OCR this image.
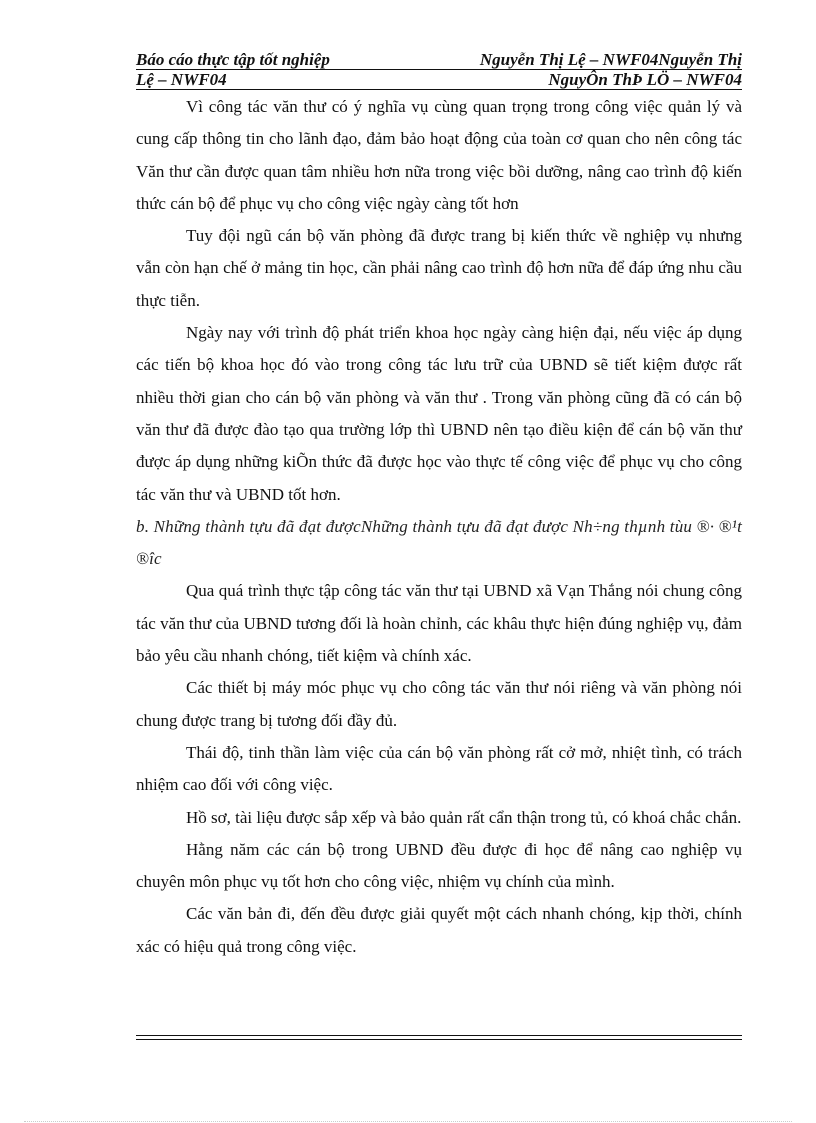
Báo cáo thực tập tốt nghiệp	Nguyễn Thị Lệ – NWF04Nguyễn Thị
Lệ – NWF04	NguyÔn ThÞ LÖ – NWF04

Vì công tác văn thư có ý nghĩa vụ cùng quan trọng trong công việc quản lý và cung cấp thông tin cho lãnh đạo, đảm bảo hoạt động của toàn cơ quan cho nên công tác Văn thư cần được quan tâm nhiều hơn nữa trong việc bồi dưỡng, nâng cao trình độ kiến thức cán bộ để phục vụ cho công việc ngày càng tốt hơn

Tuy đội ngũ cán bộ văn phòng đã được trang bị kiến thức về nghiệp vụ nhưng vẫn còn hạn chế ở mảng tin học, cần phải nâng cao trình độ hơn nữa để đáp ứng nhu cầu thực tiễn.

Ngày nay với trình độ phát triển khoa học ngày càng hiện đại, nếu việc áp dụng các tiến bộ khoa học đó vào trong công tác lưu trữ của UBND sẽ tiết kiệm được rất nhiều thời gian cho cán bộ văn phòng và văn thư . Trong văn phòng cũng đã có cán bộ văn thư đã được đào tạo qua trường lớp thì UBND nên tạo điều kiện để cán bộ văn thư được áp dụng những kiÕn thức đã được học vào thực tế công việc để phục vụ cho công tác văn thư và UBND tốt hơn.

b. Những thành tựu đã đạt đượcNhững thành tựu đã đạt được Nh÷ng thµnh tùu ®· ®¹t ®îc

Qua quá trình thực tập công tác văn thư tại UBND xã Vạn Thắng nói chung công tác văn thư của UBND tương đối là hoàn chỉnh, các khâu thực hiện đúng nghiệp vụ, đảm bảo yêu cầu nhanh chóng, tiết kiệm và chính xác.

Các thiết bị máy móc phục vụ cho công tác văn thư nói riêng và văn phòng nói chung được trang bị tương đối đầy đủ.

Thái độ, tinh thần làm việc của cán bộ văn phòng rất cở mở, nhiệt tình, có trách nhiệm cao đối với công việc.

Hồ sơ, tài liệu được sắp xếp và bảo quản rất cẩn thận trong tủ, có khoá chắc chắn.

Hằng năm các cán bộ trong UBND đều được đi học để nâng cao nghiệp vụ chuyên môn phục vụ tốt hơn cho công việc, nhiệm vụ chính của mình.

Các văn bản đi, đến đều được giải quyết một cách nhanh chóng, kịp thời, chính xác có hiệu quả trong công việc.
